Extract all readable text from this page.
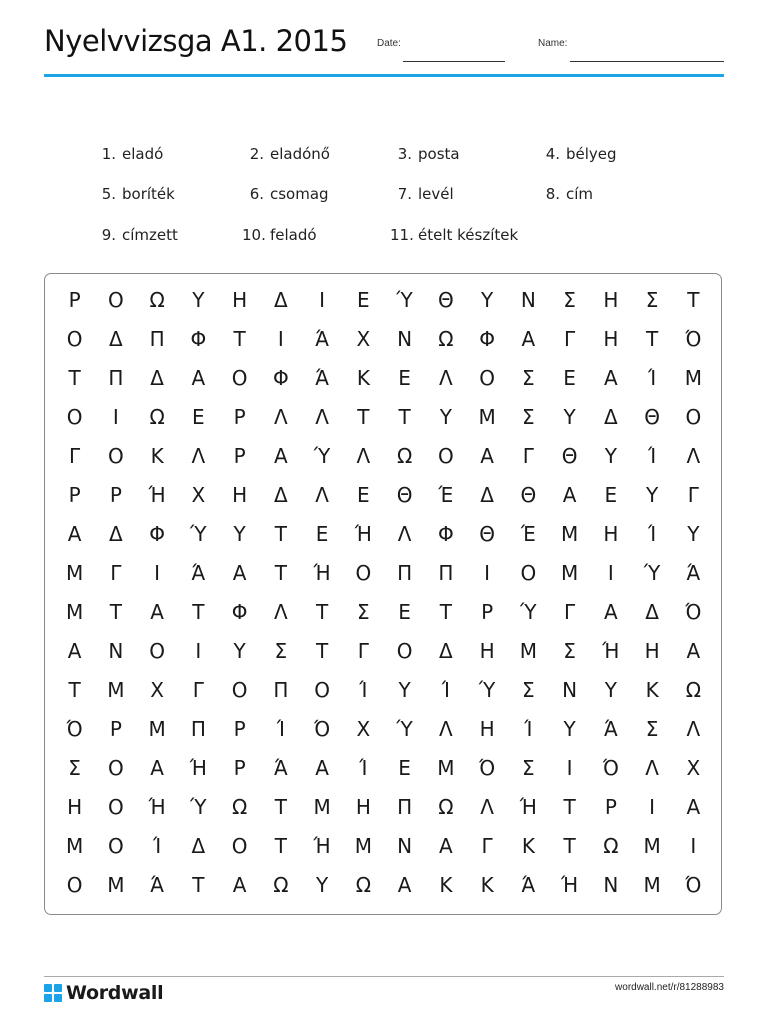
Nyelvvizsga A1. 2015	Date:	Name:
1. eladó	2. eladónő	3. posta	4. bélyeg
5. boríték	6. csomag	7. levél	8. cím
9. címzett	10. feladó	11. ételt készítek
Ρ	Ο	Ω	Υ	Η	Δ	Ι	Ε	Ύ	Θ	Υ	Ν	Σ	Η	Σ	Τ
Ο	Δ	Π	Φ	Τ	Ι	Ά	Χ	Ν	Ω	Φ	Α	Γ	Η	Τ	Ό
Τ	Π	Δ	Α	Ο	Φ	Ά	Κ	Ε	Λ	Ο	Σ	Ε	Α	Ί	Μ
Ο	Ι	Ω	Ε	Ρ	Λ	Λ	Τ	Τ	Υ	Μ	Σ	Υ	Δ	Θ	Ο
Γ	Ο	Κ	Λ	Ρ	Α	Ύ	Λ	Ω	Ο	Α	Γ	Θ	Υ	Ί	Λ
Ρ	Ρ	Ή	Χ	Η	Δ	Λ	Ε	Θ	Έ	Δ	Θ	Α	Ε	Υ	Γ
Α	Δ	Φ	Ύ	Υ	Τ	Ε	Ή	Λ	Φ	Θ	Έ	Μ	Η	Ί	Υ
Μ	Γ	Ι	Ά	Α	Τ	Ή	Ο	Π	Π	Ι	Ο	Μ	Ι	Ύ	Ά
Μ	Τ	Α	Τ	Φ	Λ	Τ	Σ	Ε	Τ	Ρ	Ύ	Γ	Α	Δ	Ό
Α	Ν	Ο	Ι	Υ	Σ	Τ	Γ	Ο	Δ	Η	Μ	Σ	Ή	Η	Α
Τ	Μ	Χ	Γ	Ο	Π	Ο	Ί	Υ	Ί	Ύ	Σ	Ν	Υ	Κ	Ω
Ό	Ρ	Μ	Π	Ρ	Ί	Ό	Χ	Ύ	Λ	Η	Ί	Υ	Ά	Σ	Λ
Σ	Ο	Α	Ή	Ρ	Ά	Α	Ί	Ε	Μ	Ό	Σ	Ι	Ό	Λ	Χ
Η	Ο	Ή	Ύ	Ω	Τ	Μ	Η	Π	Ω	Λ	Ή	Τ	Ρ	Ι	Α
Μ	Ο	Ί	Δ	Ο	Τ	Ή	Μ	Ν	Α	Γ	Κ	Τ	Ω	Μ	Ι
Ο	Μ	Ά	Τ	Α	Ω	Υ	Ω	Α	Κ	Κ	Ά	Ή	Ν	Μ	Ό
Wordwall	wordwall.net/r/81288983
